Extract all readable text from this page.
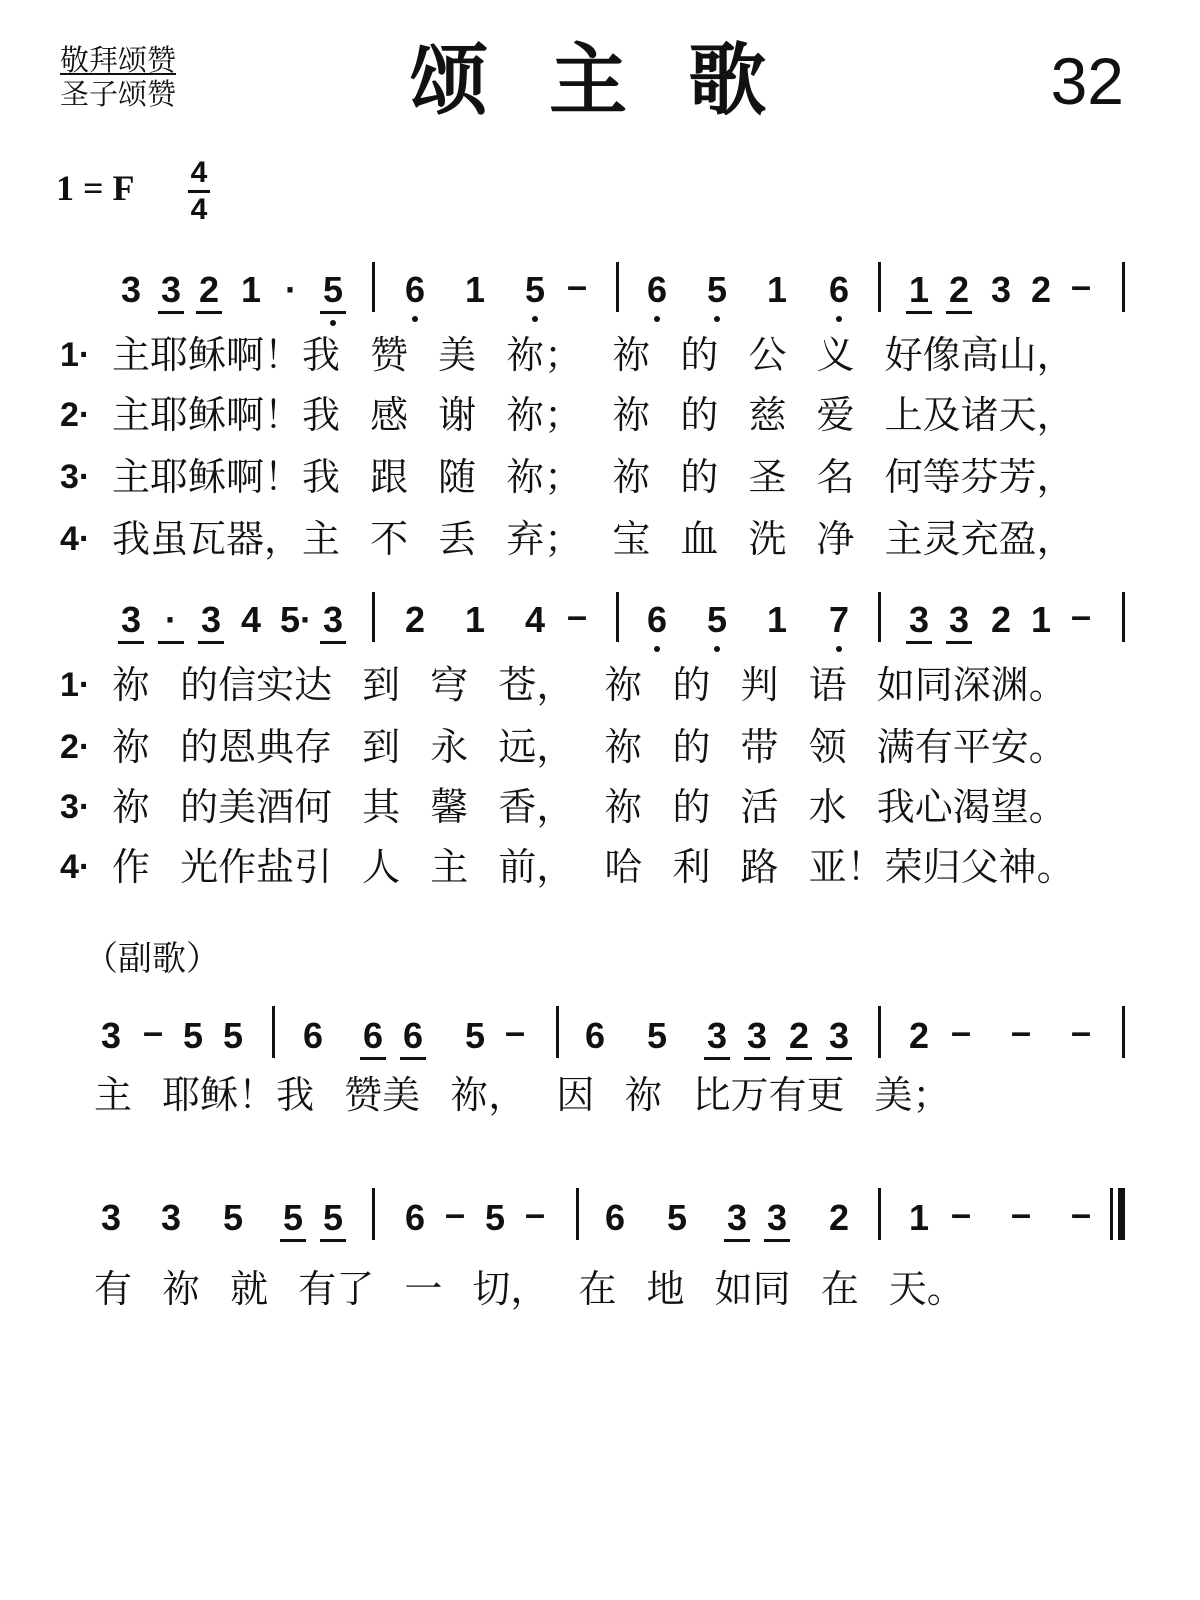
敬拜颂赞
圣子颂赞	颂 主 歌	32
1 = F 4
4
3 3 2 1 · 5 6 1 5 – 6 5 1 6 1 2 3 2 –
1· 主耶稣啊！我 赞 美 祢； 祢 的 公 义 好像高山，
2· 主耶稣啊！我 感 谢 祢； 祢 的 慈 爱 上及诸天，
3· 主耶稣啊！我 跟 随 祢； 祢 的 圣 名 何等芬芳，
4· 我虽瓦器，主 不 丢 弃； 宝 血 洗 净 主灵充盈，
3 · 3 4 5· 3 2 1 4 – 6 5 1 7 3 3 2 1 –
1· 祢 的信实达 到 穹 苍， 祢 的 判 语 如同深渊。
2· 祢 的恩典存 到 永 远， 祢 的 带 领 满有平安。
3· 祢 的美酒何 其 馨 香， 祢 的 活 水 我心渴望。
4· 作 光作盐引 人 主 前， 哈 利 路 亚！荣归父神。
（副歌）
3 – 5 5 6 6 6 5 – 6 5 3 3 2 3 2 – – –
主 耶稣！我 赞美 祢， 因 祢 比万有更 美；
3 3 5 5 5 6 – 5 – 6 5 3 3 2 1 – – –
有 祢 就 有了 一 切， 在 地 如同 在 天。
